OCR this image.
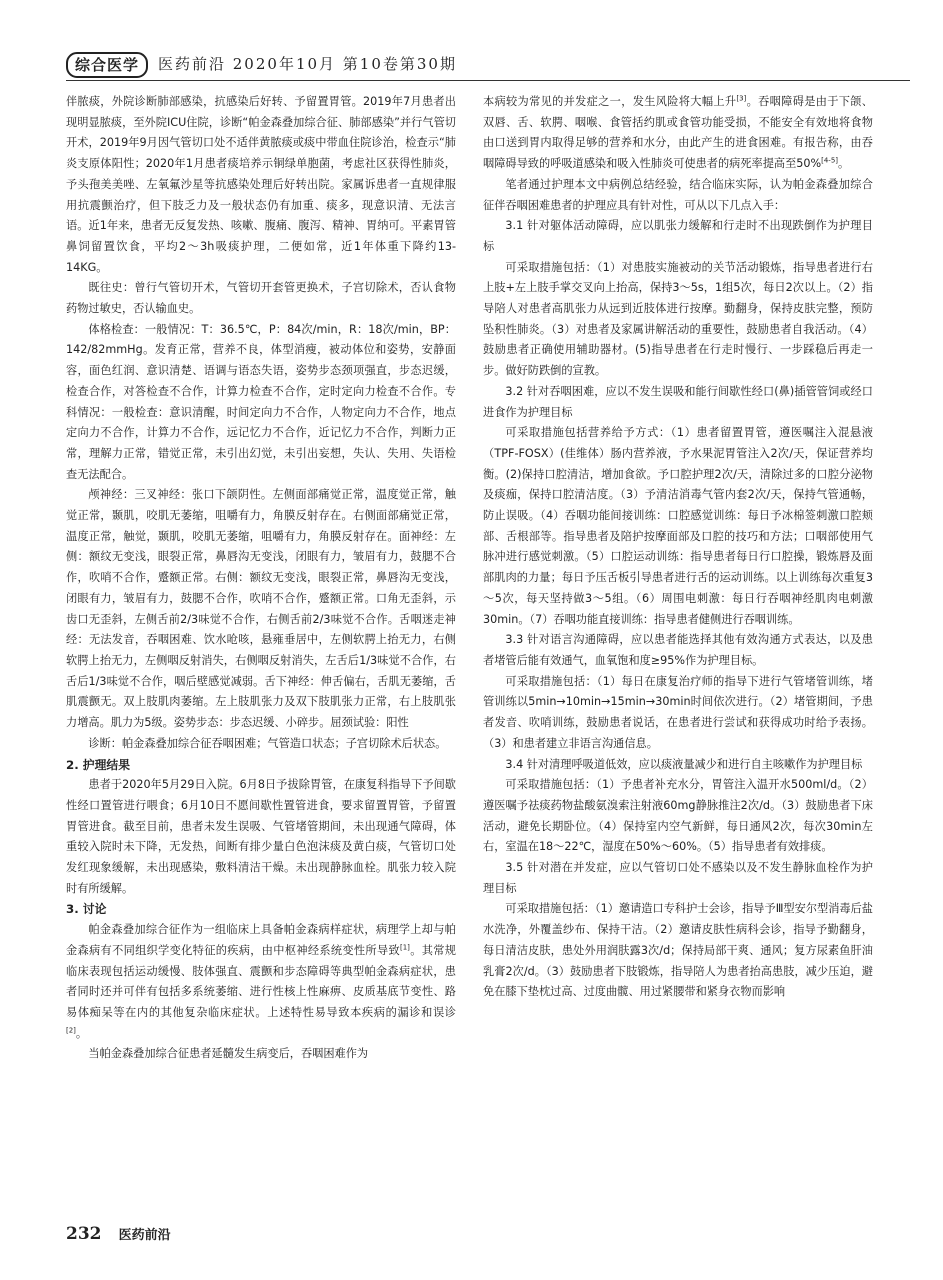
综合医学	医药前沿 2020年10月 第10卷第30期

伴脓痰，外院诊断肺部感染，抗感染后好转、予留置胃管。2019年7月患者出现明显脓痰，至外院ICU住院，诊断“帕金森叠加综合征、肺部感染”并行气管切开术，2019年9月因气管切口处不适伴黄脓痰或痰中带血住院诊治，检查示“肺炎支原体阳性；2020年1月患者痰培养示铜绿单胞菌，考虑社区获得性肺炎，予头孢美美唑、左氧氟沙星等抗感染处理后好转出院。家属诉患者一直规律服用抗震颤治疗，但下肢乏力及一般状态仍有加重、痰多，现意识清、无法言语。近1年来，患者无反复发热、咳嗽、腹痛、腹泻、精神、胃纳可。平素胃管鼻饲留置饮食，平均2～3h吸痰护理，二便如常，近1年体重下降约13-14KG。

既往史：曾行气管切开术，气管切开套管更换术，子宫切除术，否认食物药物过敏史，否认输血史。

体格检查：一般情况：T：36.5℃，P：84次/min，R：18次/min，BP：142/82mmHg。发育正常，营养不良，体型消瘦，被动体位和姿势，安静面容，面色红润、意识清楚、语调与语态失语，姿势步态颈项强直，步态迟缓，检查合作，对答检查不合作，计算力检查不合作，定时定向力检查不合作。专科情况：一般检查：意识清醒，时间定向力不合作，人物定向力不合作，地点定向力不合作，计算力不合作，远记忆力不合作，近记忆力不合作，判断力正常，理解力正常，错觉正常，未引出幻觉，未引出妄想，失认、失用、失语检查无法配合。

颅神经：三叉神经：张口下颌阴性。左侧面部痛觉正常，温度觉正常，触觉正常，颞肌，咬肌无萎缩，咀嚼有力，角膜反射存在。右侧面部痛觉正常，温度正常，触觉，颞肌，咬肌无萎缩，咀嚼有力，角膜反射存在。面神经：左侧：额纹无变浅，眼裂正常，鼻唇沟无变浅，闭眼有力，皱眉有力，鼓腮不合作，吹哨不合作，蹙额正常。右侧：额纹无变浅，眼裂正常，鼻唇沟无变浅，闭眼有力，皱眉有力，鼓腮不合作，吹哨不合作，蹙额正常。口角无歪斜，示齿口无歪斜，左侧舌前2/3味觉不合作，右侧舌前2/3味觉不合作。舌咽迷走神经：无法发音，吞咽困难、饮水呛咳，悬雍垂居中，左侧软腭上抬无力，右侧软腭上抬无力，左侧咽反射消失，右侧咽反射消失，左舌后1/3味觉不合作，右舌后1/3味觉不合作，咽后壁感觉减弱。舌下神经：伸舌偏右，舌肌无萎缩，舌肌震颤无。双上肢肌肉萎缩。左上肢肌张力及双下肢肌张力正常，右上肢肌张力增高。肌力为5级。姿势步态：步态迟缓、小碎步。屈颈试验：阳性

诊断：帕金森叠加综合征吞咽困难；气管造口状态；子宫切除术后状态。

2. 护理结果

患者于2020年5月29日入院。6月8日予拔除胃管，在康复科指导下予间歇性经口置管进行喂食；6月10日不愿间歇性置管进食，要求留置胃管，予留置胃管进食。截至目前，患者未发生误吸、气管堵管期间，未出现通气障碍，体重较入院时未下降，无发热，间断有排少量白色泡沫痰及黄白痰，气管切口处发红现象缓解，未出现感染，敷料清洁干燥。未出现静脉血栓。肌张力较入院时有所缓解。

3. 讨论

帕金森叠加综合征作为一组临床上具备帕金森病样症状，病理学上却与帕金森病有不同组织学变化特征的疾病，由中枢神经系统变性所导致[1]。其常规临床表现包括运动缓慢、肢体强直、震颤和步态障碍等典型帕金森病症状，患者同时还并可伴有包括多系统萎缩、进行性核上性麻痹、皮质基底节变性、路易体痴呆等在内的其他复杂临床症状。上述特性易导致本疾病的漏诊和误诊[2]。

当帕金森叠加综合征患者延髓发生病变后，吞咽困难作为

本病较为常见的并发症之一，发生风险将大幅上升[3]。吞咽障碍是由于下颌、双唇、舌、软腭、咽喉、食管括约肌或食管功能受损，不能安全有效地将食物由口送到胃内取得足够的营养和水分，由此产生的进食困难。有报告称，由吞咽障碍导致的呼吸道感染和吸入性肺炎可使患者的病死率提高至50%[4-5]。

笔者通过护理本文中病例总结经验，结合临床实际，认为帕金森叠加综合征伴吞咽困难患者的护理应具有针对性，可从以下几点入手：

3.1 针对躯体活动障碍，应以肌张力缓解和行走时不出现跌倒作为护理目标

可采取措施包括：（1）对患肢实施被动的关节活动锻炼，指导患者进行右上肢+左上肢手掌交叉向上抬高，保持3～5s，1组5次，每日2次以上。（2）指导陪人对患者高肌张力从远到近肢体进行按摩。勤翻身，保持皮肤完整，预防坠积性肺炎。（3）对患者及家属讲解活动的重要性，鼓励患者自我活动。（4）鼓励患者正确使用辅助器材。(5)指导患者在行走时慢行、一步踩稳后再走一步。做好防跌倒的宣教。

3.2 针对吞咽困难，应以不发生误吸和能行间歇性经口(鼻)插管管饲或经口进食作为护理目标

可采取措施包括营养给予方式：（1）患者留置胃管，遵医嘱注入混悬液（TPF-FOSX）(佳维体）肠内营养液，予水果泥胃管注入2次/天，保证营养均衡。(2)保持口腔清洁，增加食欲。予口腔护理2次/天，清除过多的口腔分泌物及痰痂，保持口腔清洁度。（3）予清洁消毒气管内套2次/天，保持气管通畅，防止误吸。（4）吞咽功能间接训练：口腔感觉训练：每日予冰棉签刺激口腔颊部、舌根部等。指导患者及陪护按摩面部及口腔的技巧和方法；口咽部使用气脉冲进行感觉刺激。（5）口腔运动训练：指导患者每日行口腔操，锻炼唇及面部肌肉的力量；每日予压舌板引导患者进行舌的运动训练。以上训练每次重复3～5次，每天坚持做3～5组。（6）周围电刺激：每日行吞咽神经肌肉电刺激30min。（7）吞咽功能直接训练：指导患者健侧进行吞咽训练。

3.3 针对语言沟通障碍，应以患者能选择其他有效沟通方式表达，以及患者堵管后能有效通气，血氧饱和度≥95%作为护理目标。

可采取措施包括：（1）每日在康复治疗师的指导下进行气管堵管训练，堵管训练以5min→10min→15min→30min时间依次进行。（2）堵管期间，予患者发音、吹哨训练，鼓励患者说话，在患者进行尝试和获得成功时给予表扬。（3）和患者建立非语言沟通信息。

3.4 针对清理呼吸道低效，应以痰液量减少和进行自主咳嗽作为护理目标

可采取措施包括：（1）予患者补充水分，胃管注入温开水500ml/d。（2）遵医嘱予祛痰药物盐酸氨溴索注射液60mg静脉推注2次/d。（3）鼓励患者下床活动，避免长期卧位。（4）保持室内空气新鲜，每日通风2次，每次30min左右，室温在18～22℃，湿度在50%～60%。（5）指导患者有效排痰。

3.5 针对潜在并发症，应以气管切口处不感染以及不发生静脉血栓作为护理目标

可采取措施包括：（1）邀请造口专科护士会诊，指导予Ⅲ型安尔型消毒后盐水洗净，外覆盖纱布、保持干洁。（2）邀请皮肤性病科会诊，指导予勤翻身，每日清洁皮肤，患处外用润肤露3次/d；保持局部干爽、通风；复方尿素鱼肝油乳膏2次/d。（3）鼓励患者下肢锻炼，指导陪人为患者抬高患肢，减少压迫，避免在膝下垫枕过高、过度曲髋、用过紧腰带和紧身衣物而影响

232 医药前沿
